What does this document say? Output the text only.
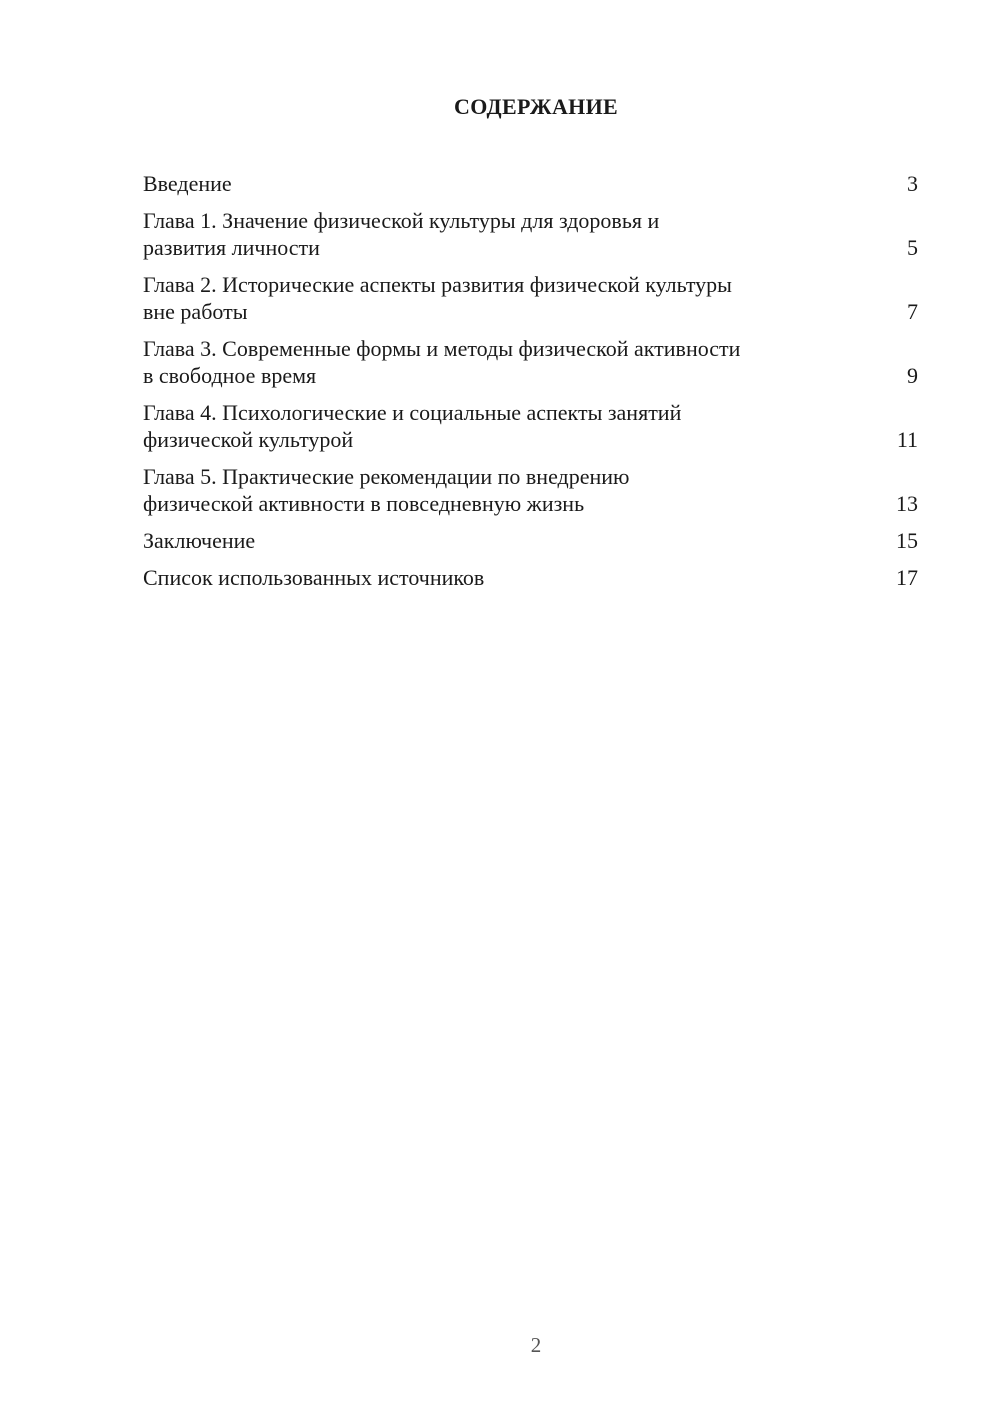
СОДЕРЖАНИЕ
Введение	3
Глава 1. Значение физической культуры для здоровья и
развития личности	5
Глава 2. Исторические аспекты развития физической культуры
вне работы	7
Глава 3. Современные формы и методы физической активности
в свободное время	9
Глава 4. Психологические и социальные аспекты занятий
физической культурой	11
Глава 5. Практические рекомендации по внедрению
физической активности в повседневную жизнь	13
Заключение	15
Список использованных источников	17
2
